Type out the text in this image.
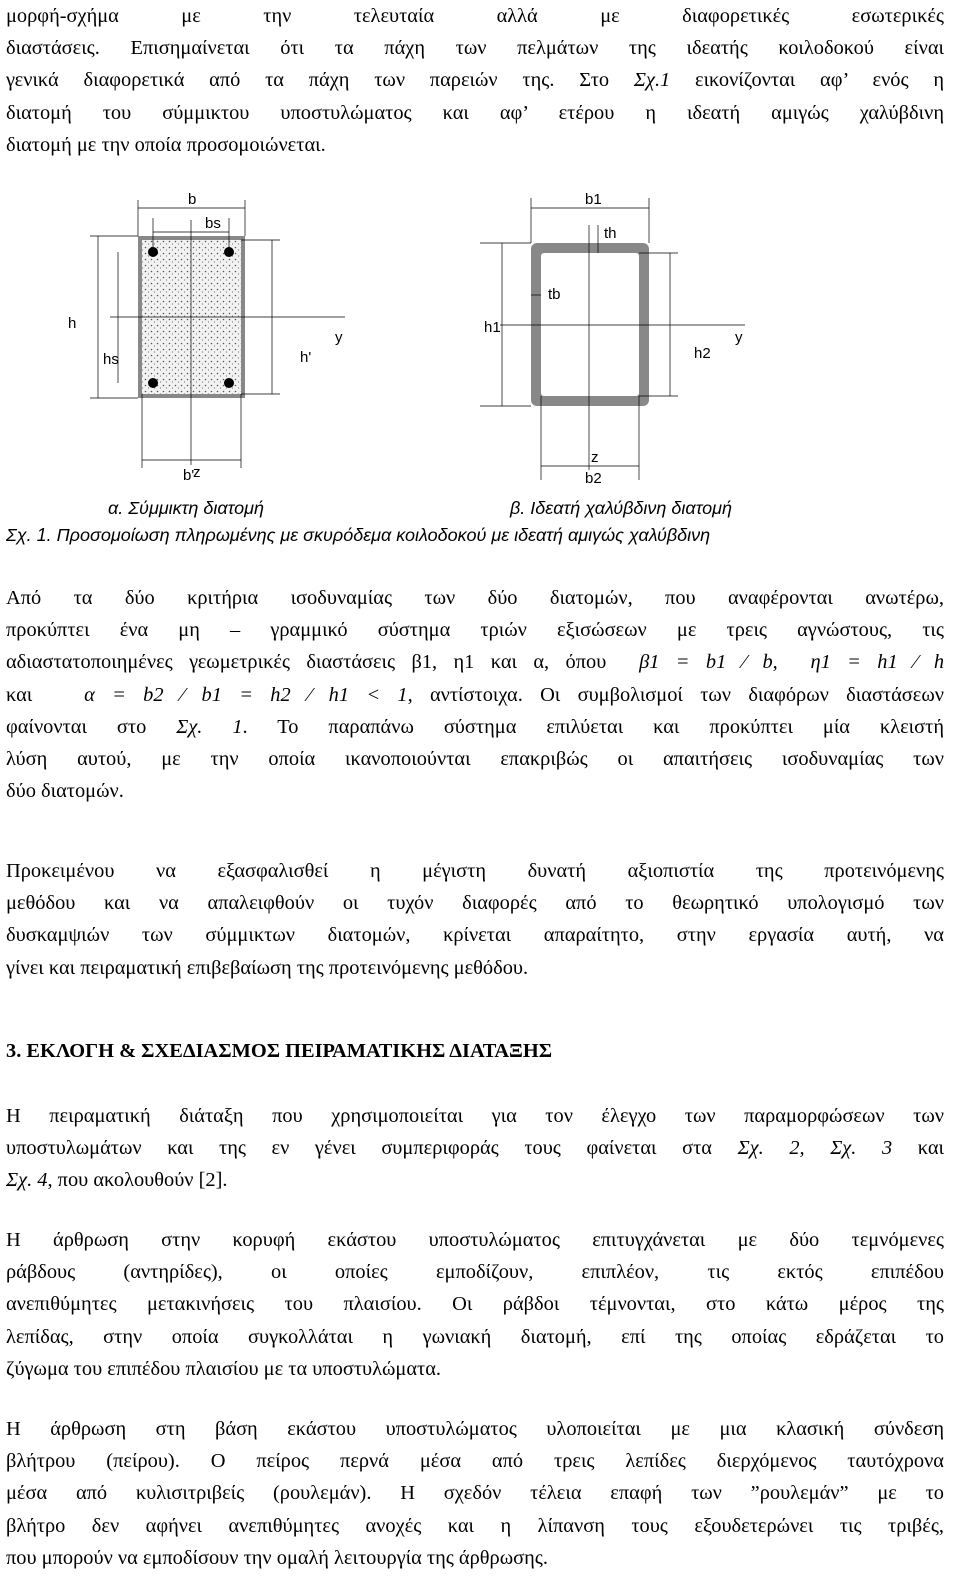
μορφή-σχήμα με την τελευταία αλλά με διαφορετικές εσωτερικές
διαστάσεις. Επισημαίνεται ότι τα πάχη των πελμάτων της ιδεατής κοιλοδοκού είναι
γενικά διαφορετικά από τα πάχη των παρειών της. Στο Σχ.1 εικονίζονται αφ’ ενός η
διατομή του σύμμικτου υποστυλώματος και αφ’ ετέρου η ιδεατή αμιγώς χαλύβδινη
διατομή με την οποία προσομοιώνεται.
b
bs
h
hs	h'
y
z
b'
b1
th
tb
h1
h2
y
z
b2
α. Σύμμικτη διατομή	β. Ιδεατή χαλύβδινη διατομή
Σχ. 1. Προσομοίωση πληρωμένης με σκυρόδεμα κοιλοδοκού με ιδεατή αμιγώς χαλύβδινη
Από τα δύο κριτήρια ισοδυναμίας των δύο διατομών, που αναφέρονται ανωτέρω,
προκύπτει ένα μη – γραμμικό σύστημα τριών εξισώσεων με τρεις αγνώστους, τις
αδιαστατοποιημένες γεωμετρικές διαστάσεις β1, η1 και α, όπου β1 = b1 ⁄ b,  η1 = h1 ⁄ h
και	α = b2 ⁄ b1 = h2 ⁄ h1 < 1, αντίστοιχα. Οι συμβολισμοί των διαφόρων διαστάσεων
φαίνονται στο Σχ. 1. Το παραπάνω σύστημα επιλύεται και προκύπτει μία κλειστή
λύση αυτού, με την οποία ικανοποιούνται επακριβώς οι απαιτήσεις ισοδυναμίας των
δύο διατομών.
Προκειμένου να εξασφαλισθεί η μέγιστη δυνατή αξιοπιστία της προτεινόμενης
μεθόδου και να απαλειφθούν οι τυχόν διαφορές από το θεωρητικό υπολογισμό των
δυσκαμψιών των σύμμικτων διατομών, κρίνεται απαραίτητο, στην εργασία αυτή, να
γίνει και πειραματική επιβεβαίωση της προτεινόμενης μεθόδου.
3. ΕΚΛΟΓΗ & ΣΧΕΔΙΑΣΜΟΣ ΠΕΙΡΑΜΑΤΙΚΗΣ ΔΙΑΤΑΞΗΣ
Η πειραματική διάταξη που χρησιμοποιείται για τον έλεγχο των παραμορφώσεων των
υποστυλωμάτων και της εν γένει συμπεριφοράς τους φαίνεται στα Σχ. 2, Σχ. 3 και
Σχ. 4, που ακολουθούν [2].
Η άρθρωση στην κορυφή εκάστου υποστυλώματος επιτυγχάνεται με δύο τεμνόμενες
ράβδους (αντηρίδες), οι οποίες εμποδίζουν, επιπλέον, τις εκτός επιπέδου
ανεπιθύμητες μετακινήσεις του πλαισίου. Οι ράβδοι τέμνονται, στο κάτω μέρος της
λεπίδας, στην οποία συγκολλάται η γωνιακή διατομή, επί της οποίας εδράζεται το
ζύγωμα του επιπέδου πλαισίου με τα υποστυλώματα.
Η άρθρωση στη βάση εκάστου υποστυλώματος υλοποιείται με μια κλασική σύνδεση
βλήτρου (πείρου). Ο πείρος περνά μέσα από τρεις λεπίδες διερχόμενος ταυτόχρονα
μέσα από κυλισιτριβείς (ρουλεμάν). Η σχεδόν τέλεια επαφή των ”ρουλεμάν” με το
βλήτρο δεν αφήνει ανεπιθύμητες ανοχές και η λίπανση τους εξουδετερώνει τις τριβές,
που μπορούν να εμποδίσουν την ομαλή λειτουργία της άρθρωσης.
